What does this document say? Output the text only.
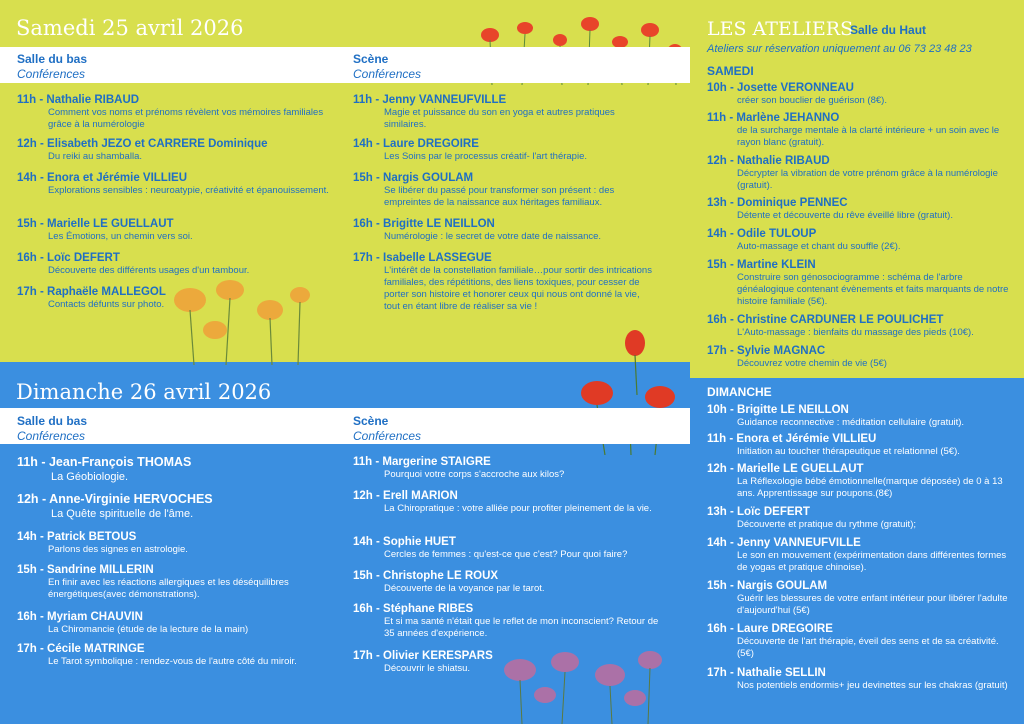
Samedi 25 avril 2026
Salle du bas
Conférences
Scène
Conférences
11h - Nathalie RIBAUD
Comment vos noms et prénoms révèlent vos mémoires familiales grâce à la numérologie
12h - Elisabeth JEZO et CARRERE Dominique
Du reiki au shamballa.
14h - Enora et Jérémie VILLIEU
Explorations sensibles : neuroatypie, créativité et épanouissement.
15h - Marielle LE GUELLAUT
Les Émotions, un chemin vers soi.
16h - Loïc DEFERT
Découverte des différents usages d'un tambour.
17h - Raphaële MALLEGOL
Contacts défunts sur photo.
11h - Jenny VANNEUFVILLE
Magie et puissance du son en yoga et autres pratiques similaires.
14h - Laure DREGOIRE
Les Soins par le processus créatif- l'art thérapie.
15h - Nargis GOULAM
Se libérer du passé pour transformer son présent : des empreintes de la naissance aux héritages familiaux.
16h - Brigitte LE NEILLON
Numérologie : le secret de votre date de naissance.
17h - Isabelle LASSEGUE
L'intérêt de la constellation familiale…pour sortir des intrications familiales, des répétitions, des liens toxiques, pour cesser de porter son histoire et honorer ceux qui nous ont donné la vie, tout en étant libre de réaliser sa vie !
Dimanche 26 avril 2026
Salle du bas
Conférences
Scène
Conférences
11h - Jean-François THOMAS
La Géobiologie.
12h - Anne-Virginie HERVOCHES
La Quête spirituelle de l'âme.
14h - Patrick BETOUS
Parlons des signes en astrologie.
15h - Sandrine MILLERIN
En finir avec les réactions allergiques et les déséquilibres énergétiques(avec démonstrations).
16h - Myriam CHAUVIN
La Chiromancie (étude de la lecture de la main)
17h - Cécile MATRINGE
Le Tarot symbolique : rendez-vous de l'autre côté du miroir.
11h - Margerine STAIGRE
Pourquoi votre corps s'accroche aux kilos?
12h - Erell MARION
La Chiropratique : votre alliée pour profiter pleinement de la vie.
14h - Sophie HUET
Cercles de femmes : qu'est-ce que c'est? Pour quoi faire?
15h - Christophe LE ROUX
Découverte de la voyance par le tarot.
16h - Stéphane RIBES
Et si ma santé n'était que le reflet de mon inconscient? Retour de 35 années d'expérience.
17h - Olivier KERESPARS
Découvrir le shiatsu.
LES ATELIERS
Salle du Haut
Ateliers sur réservation uniquement au 06 73 23 48 23
SAMEDI
10h - Josette VERONNEAU
créer son bouclier de guérison (8€).
11h - Marlène JEHANNO
de la surcharge mentale à la clarté intérieure + un soin avec le rayon blanc (gratuit).
12h - Nathalie RIBAUD
Décrypter la vibration de votre prénom grâce à la numérologie (gratuit).
13h - Dominique PENNEC
Détente et découverte du rêve éveillé libre (gratuit).
14h - Odile TULOUP
Auto-massage et chant du souffle (2€).
15h - Martine KLEIN
Construire son génosociogramme : schéma de l'arbre généalogique contenant évènements et faits marquants de notre histoire familiale (5€).
16h - Christine CARDUNER LE POULICHET
L'Auto-massage : bienfaits du massage des pieds (10€).
17h - Sylvie MAGNAC
Découvrez votre chemin de vie (5€)
DIMANCHE
10h - Brigitte LE NEILLON
Guidance reconnective : méditation cellulaire (gratuit).
11h - Enora et Jérémie VILLIEU
Initiation au toucher thérapeutique et relationnel (5€).
12h - Marielle LE GUELLAUT
La Réflexologie bébé émotionnelle(marque déposée) de 0 à 13 ans. Apprentissage sur poupons.(8€)
13h - Loïc DEFERT
Découverte et pratique du rythme (gratuit);
14h - Jenny VANNEUFVILLE
Le son en mouvement (expérimentation dans différentes formes de yogas et pratique chinoise).
15h - Nargis GOULAM
Guérir les blessures de votre enfant intérieur pour libérer l'adulte d'aujourd'hui (5€)
16h - Laure DREGOIRE
Découverte de l'art thérapie, éveil des sens et de sa créativité. (5€)
17h - Nathalie SELLIN
Nos potentiels endormis+ jeu devinettes sur les chakras (gratuit)
